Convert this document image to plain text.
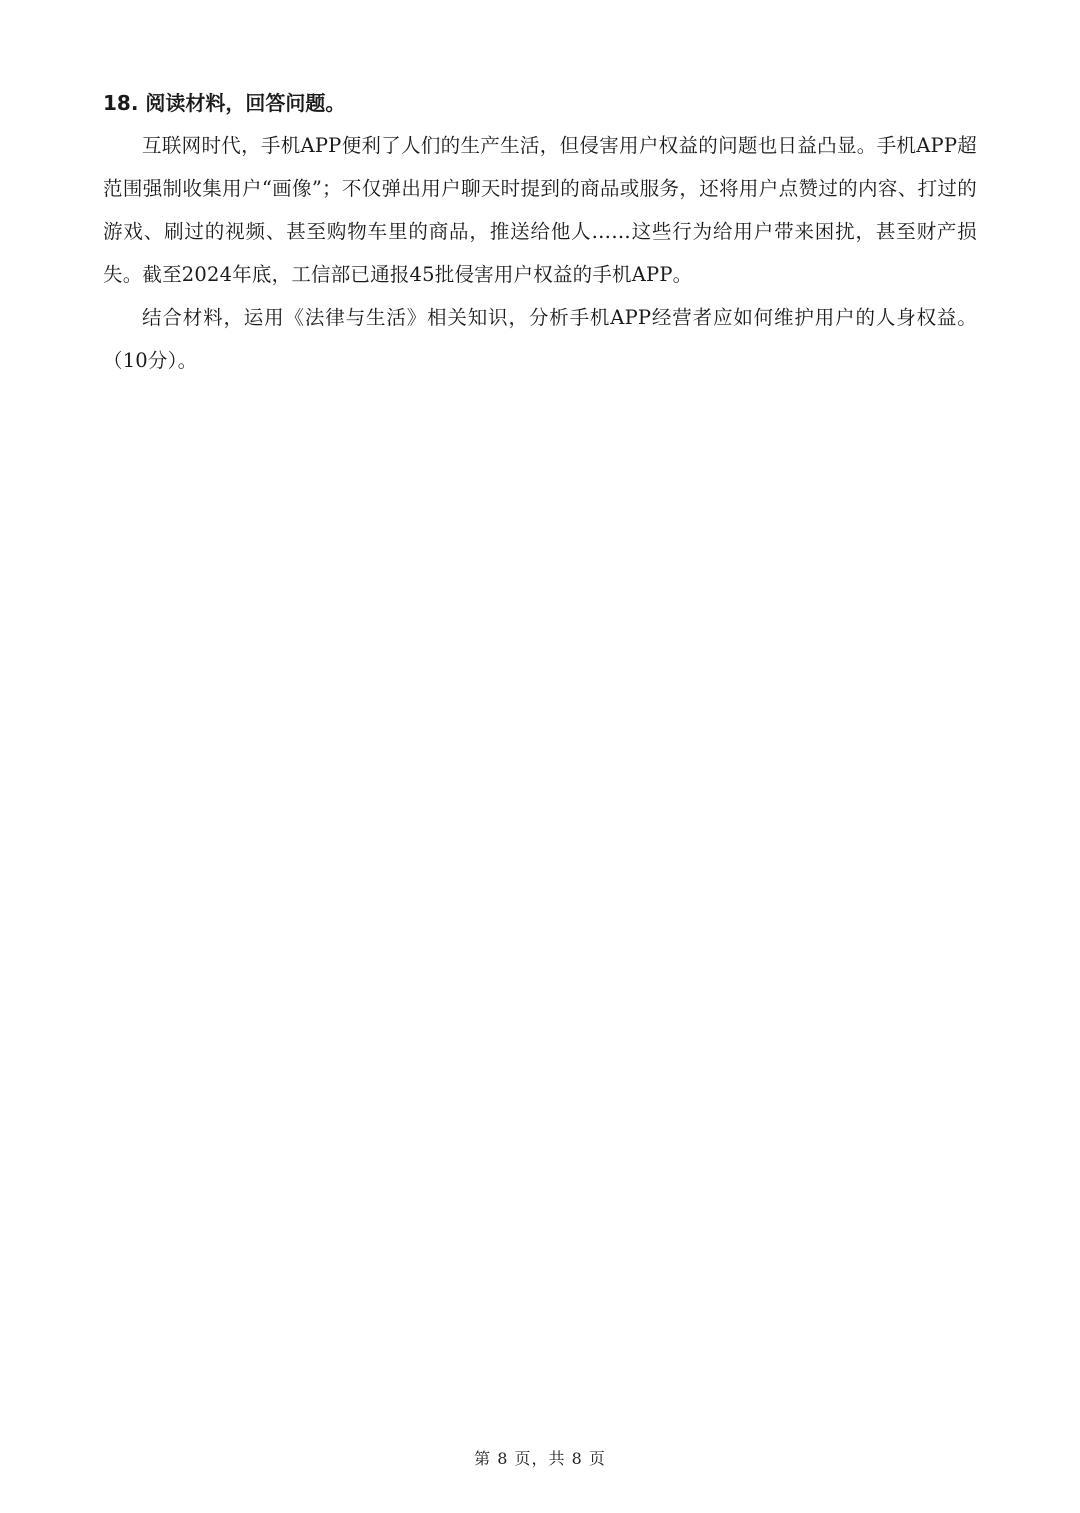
18. 阅读材料，回答问题。

互联网时代，手机APP便利了人们的生产生活，但侵害用户权益的问题也日益凸显。手机APP超范围强制收集用户“画像”；不仅弹出用户聊天时提到的商品或服务，还将用户点赞过的内容、打过的游戏、刷过的视频、甚至购物车里的商品，推送给他人……这些行为给用户带来困扰，甚至财产损失。截至2024年底，工信部已通报45批侵害用户权益的手机APP。

结合材料，运用《法律与生活》相关知识，分析手机APP经营者应如何维护用户的人身权益。（10分）。

第 8 页，共 8 页
